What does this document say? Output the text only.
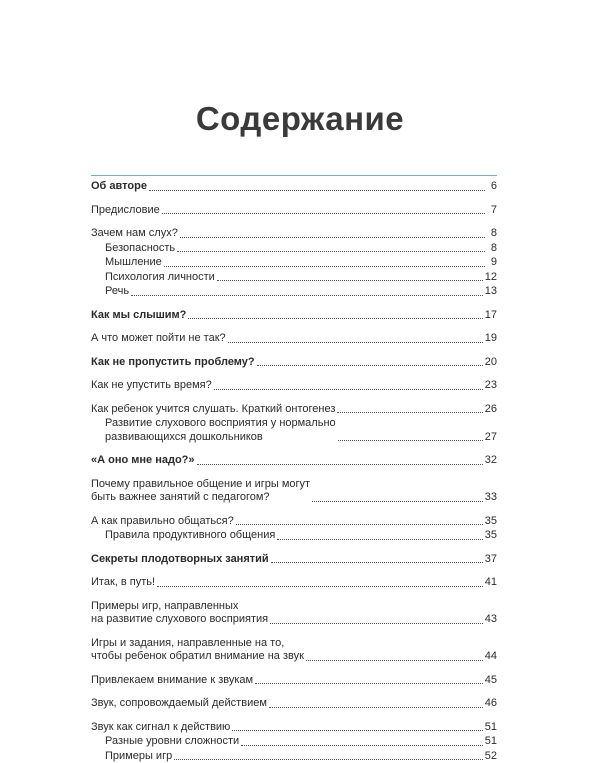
Содержание
Об авторе	6
Предисловие	7
Зачем нам слух?	8
Безопасность	8
Мышление	9
Психология личности	12
Речь	13
Как мы слышим?	17
А что может пойти не так?	19
Как не пропустить проблему?	20
Как не упустить время?	23
Как ребенок учится слушать. Краткий онтогенез	26
Развитие слухового восприятия у нормально
развивающихся дошкольников	27
«А оно мне надо?»	32
Почему правильное общение и игры могут
быть важнее занятий с педагогом?	33
А как правильно общаться?	35
Правила продуктивного общения	35
Секреты плодотворных занятий	37
Итак, в путь!	41
Примеры игр, направленных
на развитие слухового восприятия	43
Игры и задания, направленные на то,
чтобы ребенок обратил внимание на звук	44
Привлекаем внимание к звукам	45
Звук, сопровождаемый действием	46
Звук как сигнал к действию	51
Разные уровни сложности	51
Примеры игр	52
